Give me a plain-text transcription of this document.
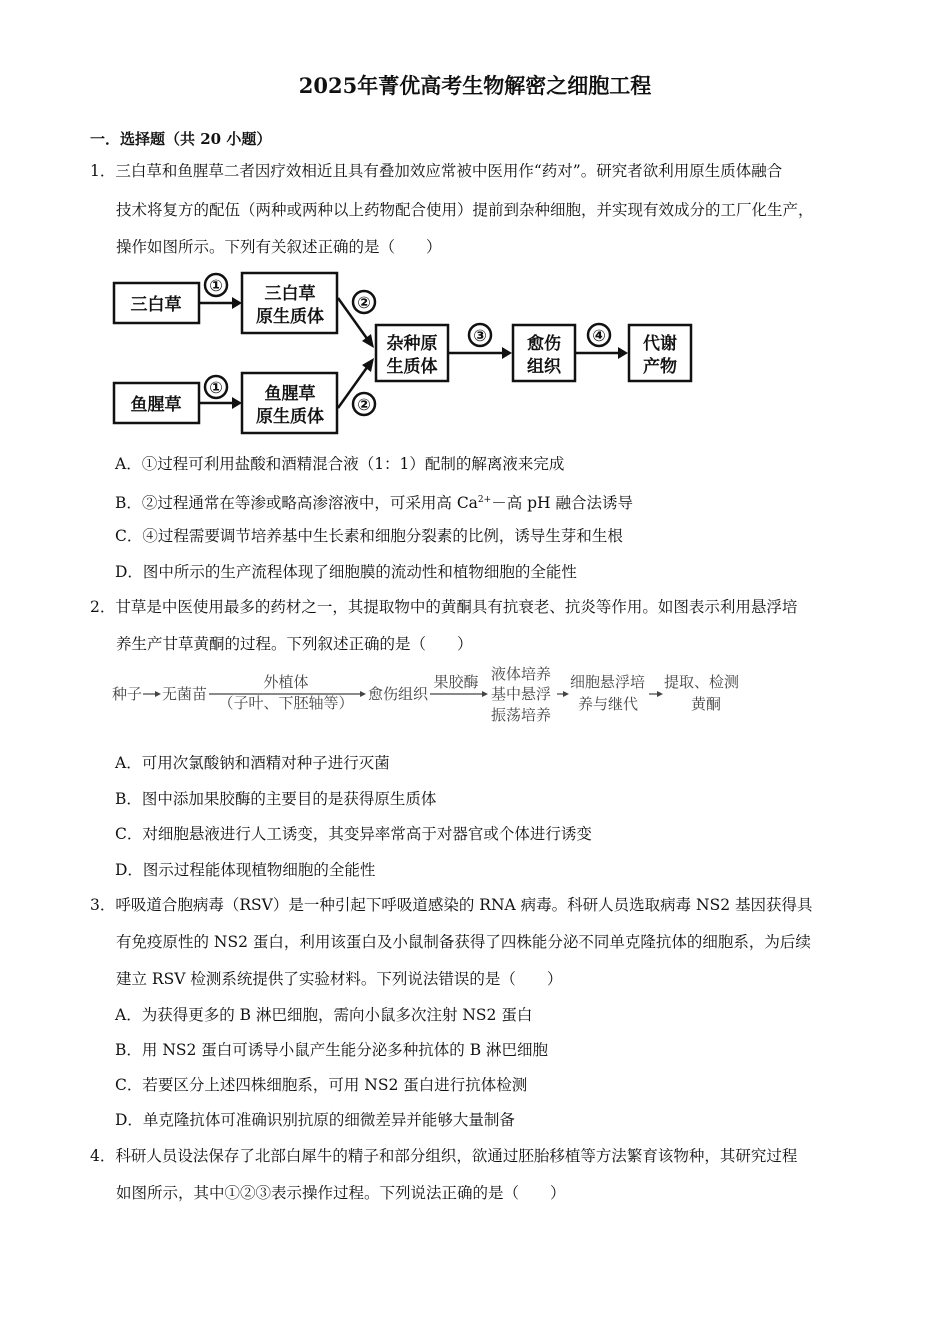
2025年菁优高考生物解密之细胞工程
一．选择题（共 20 小题）
1．三白草和鱼腥草二者因疗效相近且具有叠加效应常被中医用作“药对”。研究者欲利用原生质体融合
技术将复方的配伍（两种或两种以上药物配合使用）提前到杂种细胞，并实现有效成分的工厂化生产，
操作如图所示。下列有关叙述正确的是（　　）
三白草
鱼腥草
①
①
三白草
原生质体
鱼腥草
原生质体
②
②
杂种原
生质体
③ 愈伤
组织
④ 代谢
产物
A．①过程可利用盐酸和酒精混合液（1：1）配制的解离液来完成
B．②过程通常在等渗或略高渗溶液中，可采用高 $Ca^{2+}-$高 pH 融合法诱导
C．④过程需要调节培养基中生长素和细胞分裂素的比例，诱导生芽和生根
D．图中所示的生产流程体现了细胞膜的流动性和植物细胞的全能性
2．甘草是中医使用最多的药材之一，其提取物中的黄酮具有抗衰老、抗炎等作用。如图表示利用悬浮培
养生产甘草黄酮的过程。下列叙述正确的是（　　）
种子 无菌苗
外植体
（子叶、下胚轴等） 愈伤组织
果胶酶 液体培养
基中悬浮
振荡培养
细胞悬浮培
养与继代
提取、检测
黄酮
A．可用次氯酸钠和酒精对种子进行灭菌
B．图中添加果胶酶的主要目的是获得原生质体
C．对细胞悬液进行人工诱变，其变异率常高于对器官或个体进行诱变
D．图示过程能体现植物细胞的全能性
3．呼吸道合胞病毒（RSV）是一种引起下呼吸道感染的 RNA 病毒。科研人员选取病毒 NS2 基因获得具
有免疫原性的 NS2 蛋白，利用该蛋白及小鼠制备获得了四株能分泌不同单克隆抗体的细胞系，为后续
建立 RSV 检测系统提供了实验材料。下列说法错误的是（　　）
A．为获得更多的 B 淋巴细胞，需向小鼠多次注射 NS2 蛋白
B．用 NS2 蛋白可诱导小鼠产生能分泌多种抗体的 B 淋巴细胞
C．若要区分上述四株细胞系，可用 NS2 蛋白进行抗体检测
D．单克隆抗体可准确识别抗原的细微差异并能够大量制备
4．科研人员设法保存了北部白犀牛的精子和部分组织，欲通过胚胎移植等方法繁育该物种，其研究过程
如图所示，其中①②③表示操作过程。下列说法正确的是（　　）
